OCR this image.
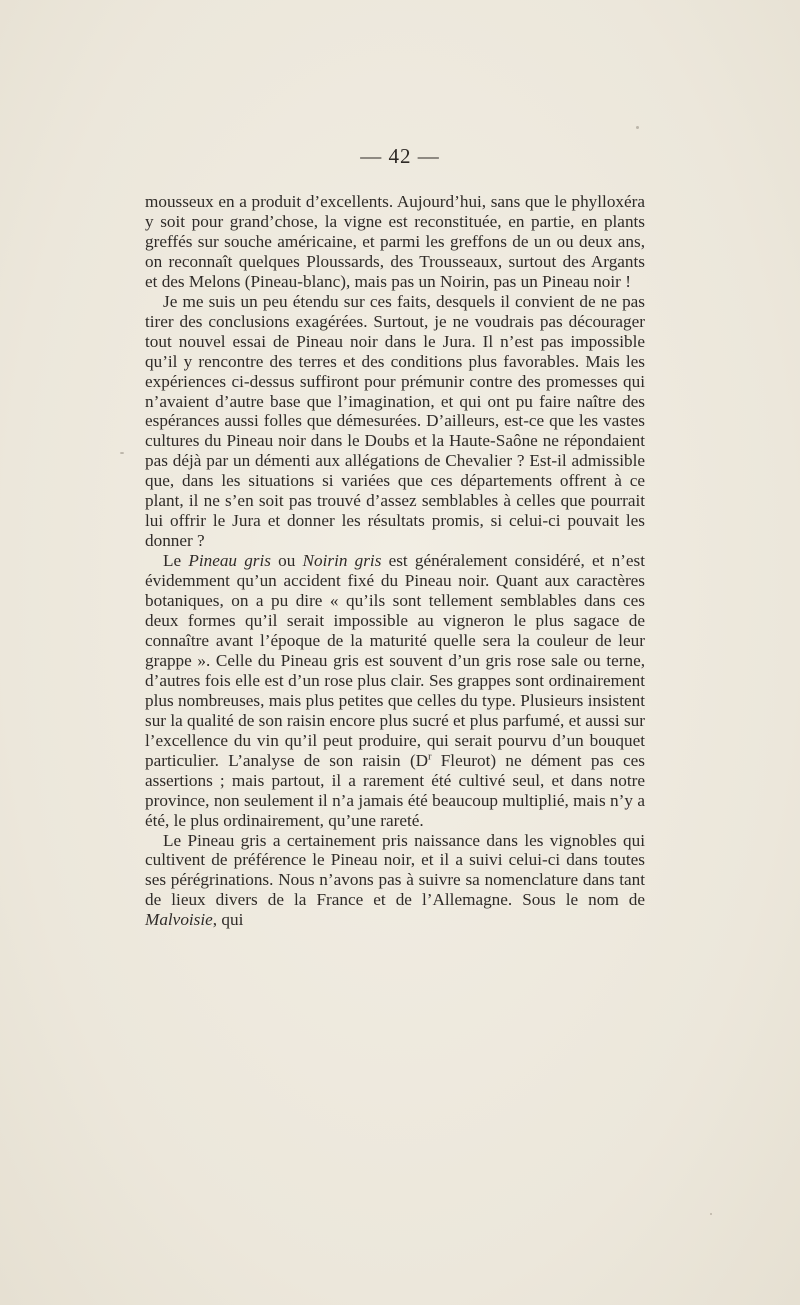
— 42 —

mousseux en a produit d’excellents. Aujourd’hui, sans que le phylloxéra y soit pour grand’chose, la vigne est reconstituée, en partie, en plants greffés sur souche américaine, et parmi les greffons de un ou deux ans, on reconnaît quelques Ploussards, des Trousseaux, surtout des Argants et des Melons (Pineau-blanc), mais pas un Noirin, pas un Pineau noir !

Je me suis un peu étendu sur ces faits, desquels il convient de ne pas tirer des conclusions exagérées. Surtout, je ne voudrais pas décourager tout nouvel essai de Pineau noir dans le Jura. Il n’est pas impossible qu’il y rencontre des terres et des conditions plus favorables. Mais les expériences ci-dessus suffiront pour prémunir contre des promesses qui n’avaient d’autre base que l’imagination, et qui ont pu faire naître des espérances aussi folles que démesurées. D’ailleurs, est-ce que les vastes cultures du Pineau noir dans le Doubs et la Haute-Saône ne répondaient pas déjà par un démenti aux allégations de Chevalier ? Est-il admissible que, dans les situations si variées que ces départements offrent à ce plant, il ne s’en soit pas trouvé d’assez semblables à celles que pourrait lui offrir le Jura et donner les résultats promis, si celui-ci pouvait les donner ?

Le Pineau gris ou Noirin gris est généralement considéré, et n’est évidemment qu’un accident fixé du Pineau noir. Quant aux caractères botaniques, on a pu dire « qu’ils sont tellement semblables dans ces deux formes qu’il serait impossible au vigneron le plus sagace de connaître avant l’époque de la maturité quelle sera la couleur de leur grappe ». Celle du Pineau gris est souvent d’un gris rose sale ou terne, d’autres fois elle est d’un rose plus clair. Ses grappes sont ordinairement plus nombreuses, mais plus petites que celles du type. Plusieurs insistent sur la qualité de son raisin encore plus sucré et plus parfumé, et aussi sur l’excellence du vin qu’il peut produire, qui serait pourvu d’un bouquet particulier. L’analyse de son raisin ($D^r$ Fleurot) ne dément pas ces assertions ; mais partout, il a rarement été cultivé seul, et dans notre province, non seulement il n’a jamais été beaucoup multiplié, mais n’y a été, le plus ordinairement, qu’une rareté.

Le Pineau gris a certainement pris naissance dans les vignobles qui cultivent de préférence le Pineau noir, et il a suivi celui-ci dans toutes ses pérégrinations. Nous n’avons pas à suivre sa nomenclature dans tant de lieux divers de la France et de l’Allemagne. Sous le nom de Malvoisie, qui
